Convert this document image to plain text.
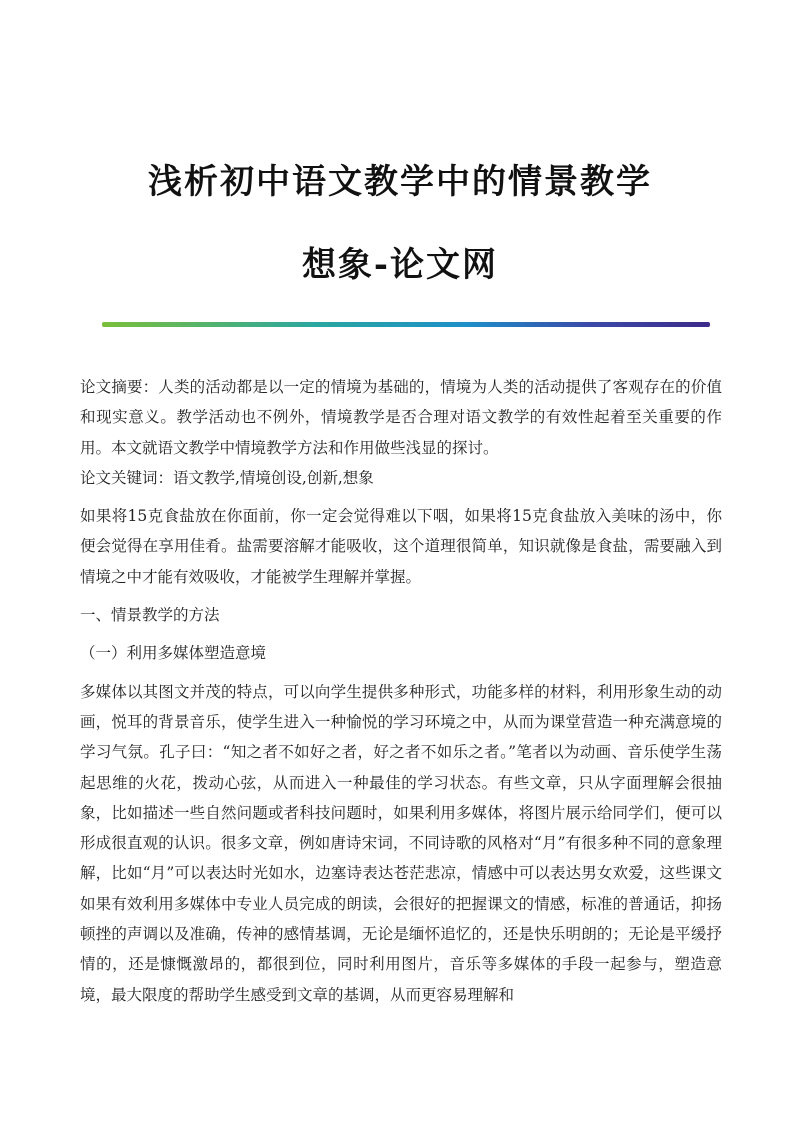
浅析初中语文教学中的情景教学
想象-论文网

论文摘要：人类的活动都是以一定的情境为基础的，情境为人类的活动提供了客观存在的价值和现实意义。教学活动也不例外，情境教学是否合理对语文教学的有效性起着至关重要的作用。本文就语文教学中情境教学方法和作用做些浅显的探讨。

论文关键词：语文教学,情境创设,创新,想象

如果将15克食盐放在你面前，你一定会觉得难以下咽，如果将15克食盐放入美味的汤中，你便会觉得在享用佳肴。盐需要溶解才能吸收，这个道理很简单，知识就像是食盐，需要融入到情境之中才能有效吸收，才能被学生理解并掌握。

一、情景教学的方法

（一）利用多媒体塑造意境

多媒体以其图文并茂的特点，可以向学生提供多种形式，功能多样的材料，利用形象生动的动画，悦耳的背景音乐，使学生进入一种愉悦的学习环境之中，从而为课堂营造一种充满意境的学习气氛。孔子曰：“知之者不如好之者，好之者不如乐之者。”笔者以为动画、音乐使学生荡起思维的火花，拨动心弦，从而进入一种最佳的学习状态。有些文章，只从字面理解会很抽象，比如描述一些自然问题或者科技问题时，如果利用多媒体，将图片展示给同学们，便可以形成很直观的认识。很多文章，例如唐诗宋词，不同诗歌的风格对“月”有很多种不同的意象理解，比如“月”可以表达时光如水，边塞诗表达苍茫悲凉，情感中可以表达男女欢爱，这些课文如果有效利用多媒体中专业人员完成的朗读，会很好的把握课文的情感，标准的普通话，抑扬顿挫的声调以及准确，传神的感情基调，无论是缅怀追忆的，还是快乐明朗的；无论是平缓抒情的，还是慷慨激昂的，都很到位，同时利用图片，音乐等多媒体的手段一起参与，塑造意境，最大限度的帮助学生感受到文章的基调，从而更容易理解和
